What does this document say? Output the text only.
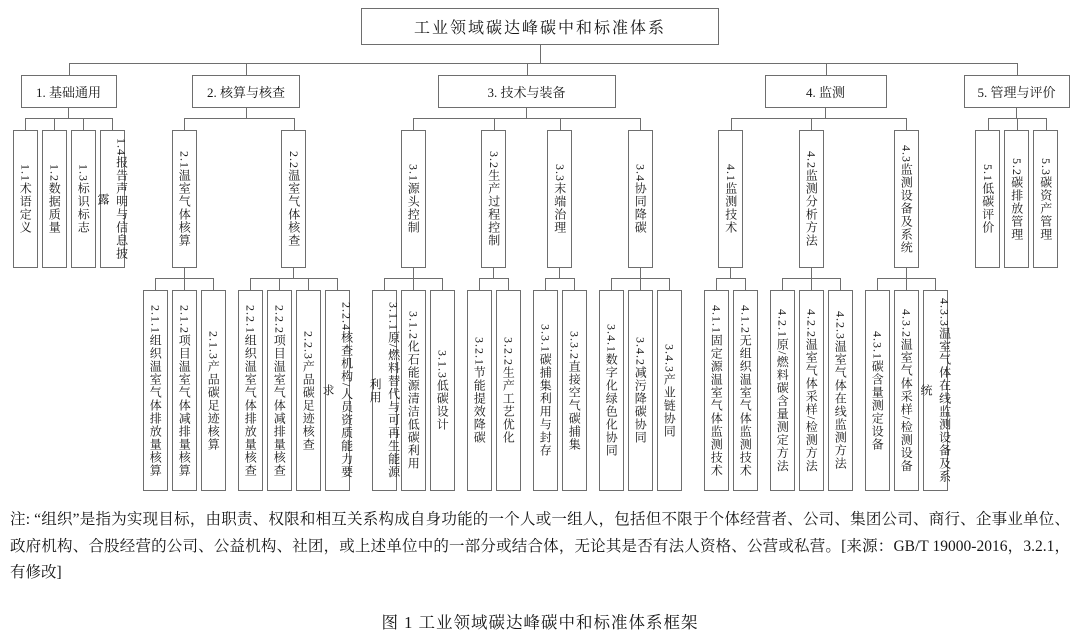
工业领域碳达峰碳中和标准体系
1. 基础通用
1.1术语定义	1.2数据质量	1.3标识标志	1.4报告声明与信息披露
2. 核算与核查
2.1温室气体核算
2.1.1组织温室气体排放量核算	2.1.2项目温室气体减排量核算	2.1.3产品碳足迹核算
2.2温室气体核查
2.2.1组织温室气体排放量核查	2.2.2项目温室气体减排量核查	2.2.3产品碳足迹核查	2.2.4核查机构/人员资质能力要求
3. 技术与装备
3.1源头控制
3.1.1原/燃料替代与可再生能源利用	3.1.2化石能源清洁低碳利用	3.1.3低碳设计
3.2生产过程控制
3.2.1节能提效降碳	3.2.2生产工艺优化
3.3末端治理
3.3.1碳捕集利用与封存	3.3.2直接空气碳捕集
3.4协同降碳
3.4.1数字化绿色化协同	3.4.2减污降碳协同	3.4.3产业链协同
4. 监测
4.1监测技术
4.1.1固定源温室气体监测技术	4.1.2无组织温室气体监测技术
4.2监测分析方法
4.2.1原/燃料碳含量测定方法	4.2.2温室气体采样/检测方法	4.2.3温室气体在线监测方法
4.3监测设备及系统
4.3.1碳含量测定设备	4.3.2温室气体采样/检测设备	4.3.3温室气体在线监测设备及系统
5. 管理与评价
5.1低碳评价	5.2碳排放管理	5.3碳资产管理

注: “组织”是指为实现目标，由职责、权限和相互关系构成自身功能的一个人或一组人，包括但不限于个体经营者、公司、集团公司、商行、企事业单位、政府机构、合股经营的公司、公益机构、社团，或上述单位中的一部分或结合体，无论其是否有法人资格、公营或私营。[来源：GB/T 19000-2016，3.2.1，有修改]

图 1 工业领域碳达峰碳中和标准体系框架
